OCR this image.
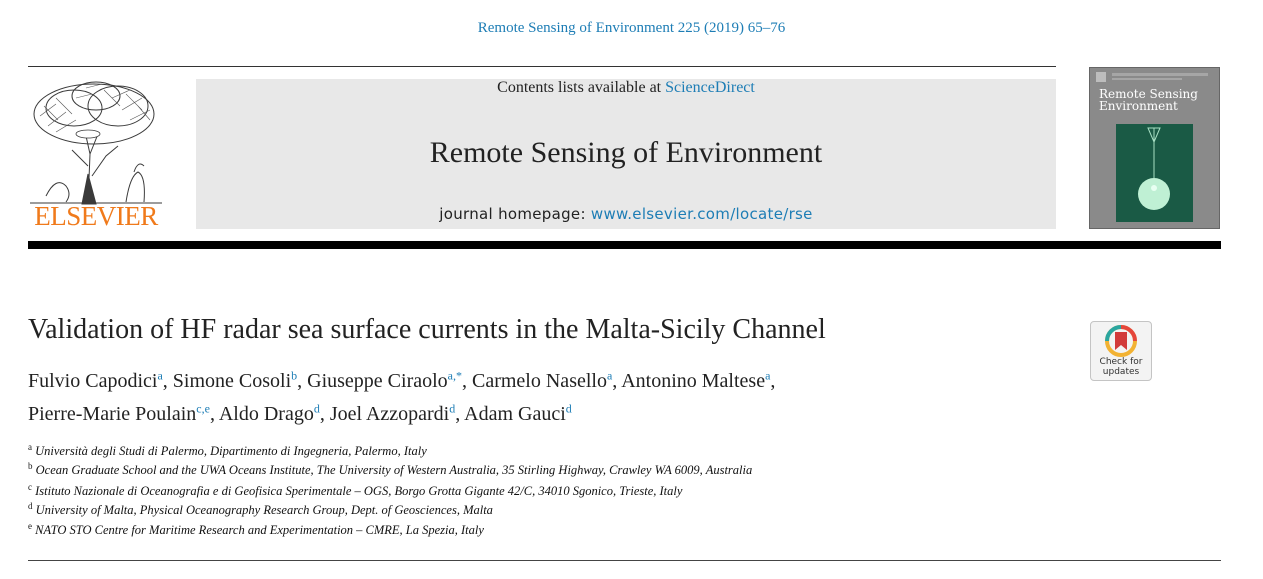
Remote Sensing of Environment 225 (2019) 65–76
ELSEVIER
Contents lists available at ScienceDirect
Remote Sensing of Environment
journal homepage: www.elsevier.com/locate/rse
Remote Sensing Environment
Validation of HF radar sea surface currents in the Malta-Sicily Channel
Check for updates
Fulvio Capodici$^a$, Simone Cosoli$^b$, Giuseppe Ciraolo$^{a,*}$, Carmelo Nasello$^a$, Antonino Maltese$^a$,
Pierre-Marie Poulain$^{c,e}$, Aldo Drago$^d$, Joel Azzopardi$^d$, Adam Gauci$^d$
$^a$ Università degli Studi di Palermo, Dipartimento di Ingegneria, Palermo, Italy
$^b$ Ocean Graduate School and the UWA Oceans Institute, The University of Western Australia, 35 Stirling Highway, Crawley WA 6009, Australia
$^c$ Istituto Nazionale di Oceanografia e di Geofisica Sperimentale – OGS, Borgo Grotta Gigante 42/C, 34010 Sgonico, Trieste, Italy
$^d$ University of Malta, Physical Oceanography Research Group, Dept. of Geosciences, Malta
$^e$ NATO STO Centre for Maritime Research and Experimentation – CMRE, La Spezia, Italy
